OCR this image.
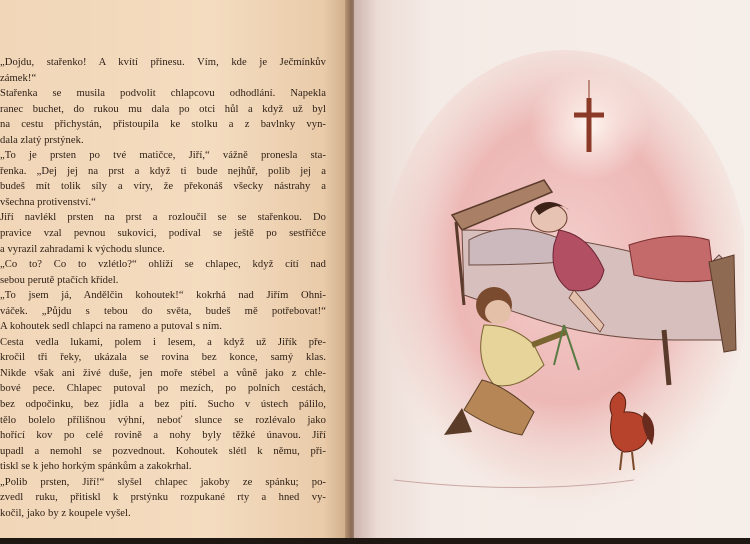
„Dojdu, stařenko! A kvítí přinesu. Vím, kde je Ječmínkův
zámek!“
Stařenka se musila podvolit chlapcovu odhodlání. Napekla
ranec buchet, do rukou mu dala po otci hůl a když už byl
na cestu přichystán, přistoupila ke stolku a z bavlnky vyn-
dala zlatý prstýnek.
„To je prsten po tvé matičce, Jiří,“ vážně pronesla sta-
řenka. „Dej jej na prst a když ti bude nejhůř, polib jej a
budeš mít tolik síly a víry, že překonáš všecky nástrahy a
všechna protivenství.“
Jiří navlékl prsten na prst a rozloučil se se stařenkou. Do
pravice vzal pevnou sukovici, podíval se ještě po sestřičce
a vyrazil zahradami k východu slunce.
„Co to? Co to vzlétlo?“ ohlíží se chlapec, když cítí nad
sebou perutě ptačích křídel.
„To jsem já, Andělčin kohoutek!“ kokrhá nad Jiřím Ohni-
váček. „Půjdu s tebou do světa, budeš mě potřebovat!“
A kohoutek sedl chlapci na rameno a putoval s ním.
Cesta vedla lukami, polem i lesem, a když už Jiřík pře-
kročil tři řeky, ukázala se rovina bez konce, samý klas.
Nikde však ani živé duše, jen moře stébel a vůně jako z chle-
bové pece. Chlapec putoval po mezích, po polních cestách,
bez odpočinku, bez jídla a bez pití. Sucho v ústech pálilo,
tělo bolelo přílišnou výhní, neboť slunce se rozlévalo jako
hořící kov po celé rovině a nohy byly těžké únavou. Jiří
upadl a nemohl se pozvednout. Kohoutek slétl k němu, při-
tiskl se k jeho horkým spánkům a zakokrhal.
„Polib prsten, Jiří!“ slyšel chlapec jakoby ze spánku; po-
zvedl ruku, přitiskl k prstýnku rozpukané rty a hned vy-
kočil, jako by z koupele vyšel.
